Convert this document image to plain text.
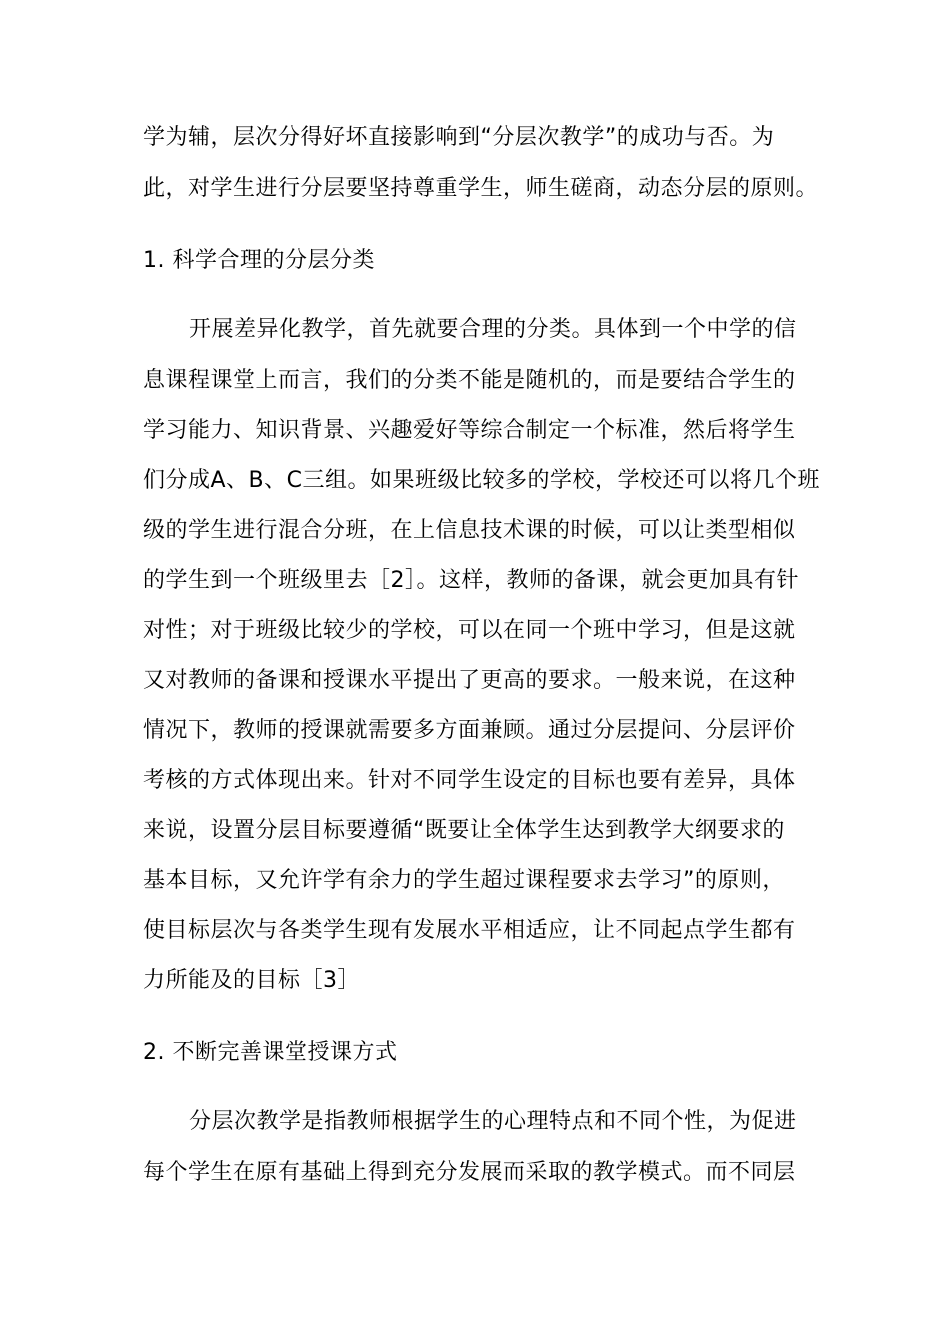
学为辅，层次分得好坏直接影响到“分层次教学”的成功与否。为
此，对学生进行分层要坚持尊重学生，师生磋商，动态分层的原则。
1. 科学合理的分层分类
开展差异化教学，首先就要合理的分类。具体到一个中学的信
息课程课堂上而言，我们的分类不能是随机的，而是要结合学生的
学习能力、知识背景、兴趣爱好等综合制定一个标准，然后将学生
们分成A、B、C三组。如果班级比较多的学校，学校还可以将几个班
级的学生进行混合分班，在上信息技术课的时候，可以让类型相似
的学生到一个班级里去［2］。这样，教师的备课，就会更加具有针
对性；对于班级比较少的学校，可以在同一个班中学习，但是这就
又对教师的备课和授课水平提出了更高的要求。一般来说，在这种
情况下，教师的授课就需要多方面兼顾。通过分层提问、分层评价
考核的方式体现出来。针对不同学生设定的目标也要有差异，具体
来说，设置分层目标要遵循“既要让全体学生达到教学大纲要求的
基本目标，又允许学有余力的学生超过课程要求去学习”的原则，
使目标层次与各类学生现有发展水平相适应，让不同起点学生都有
力所能及的目标［3］
2. 不断完善课堂授课方式
分层次教学是指教师根据学生的心理特点和不同个性，为促进
每个学生在原有基础上得到充分发展而采取的教学模式。而不同层
